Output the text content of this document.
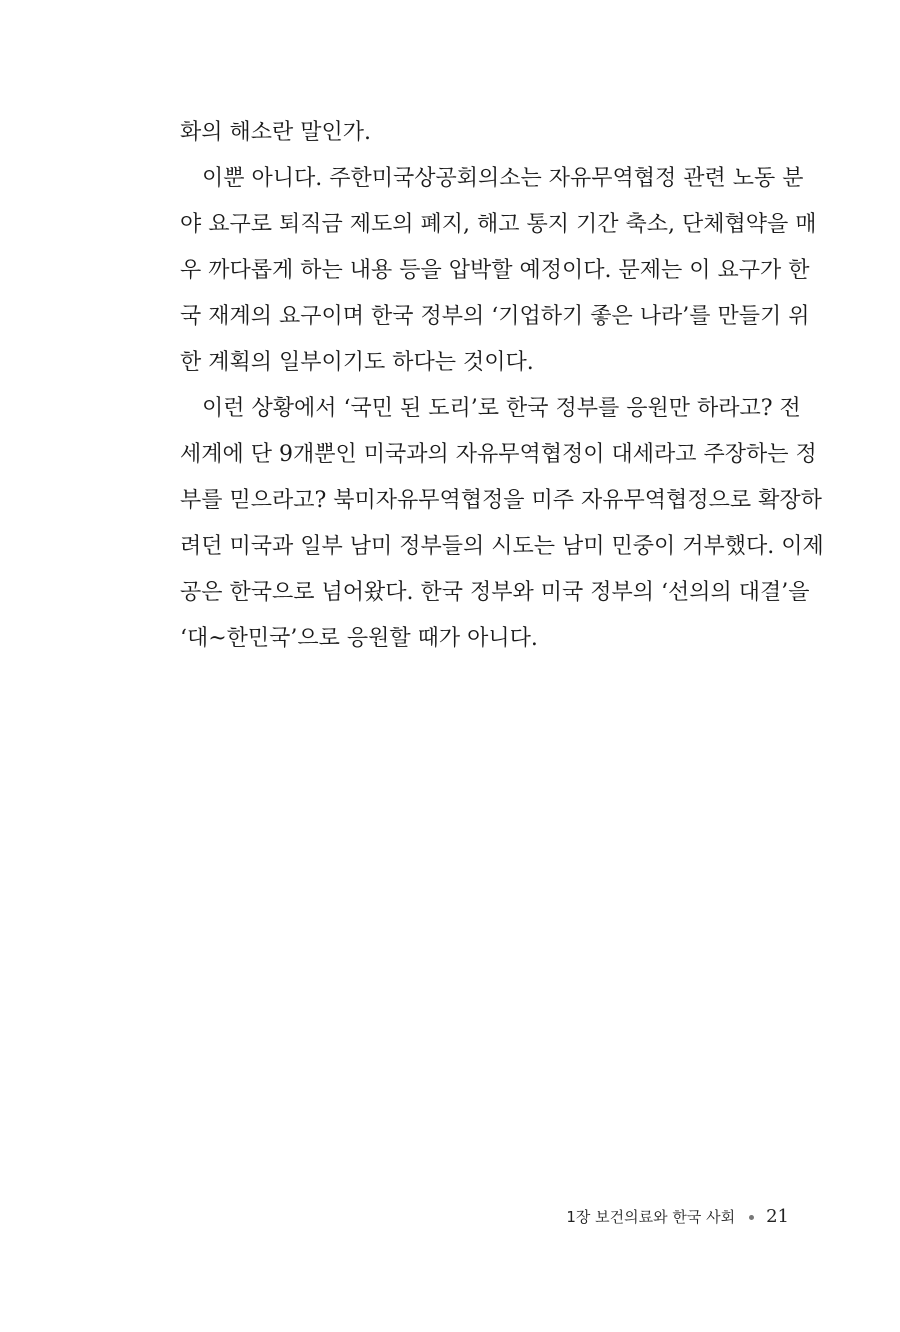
화의 해소란 말인가.
이뿐 아니다. 주한미국상공회의소는 자유무역협정 관련 노동 분
야 요구로 퇴직금 제도의 폐지, 해고 통지 기간 축소, 단체협약을 매
우 까다롭게 하는 내용 등을 압박할 예정이다. 문제는 이 요구가 한
국 재계의 요구이며 한국 정부의 ‘기업하기 좋은 나라’를 만들기 위
한 계획의 일부이기도 하다는 것이다.
이런 상황에서 ‘국민 된 도리’로 한국 정부를 응원만 하라고? 전
세계에 단 9개뿐인 미국과의 자유무역협정이 대세라고 주장하는 정
부를 믿으라고? 북미자유무역협정을 미주 자유무역협정으로 확장하
려던 미국과 일부 남미 정부들의 시도는 남미 민중이 거부했다. 이제
공은 한국으로 넘어왔다. 한국 정부와 미국 정부의 ‘선의의 대결’을
‘대~한민국’으로 응원할 때가 아니다.
1장 보건의료와 한국 사회 21
